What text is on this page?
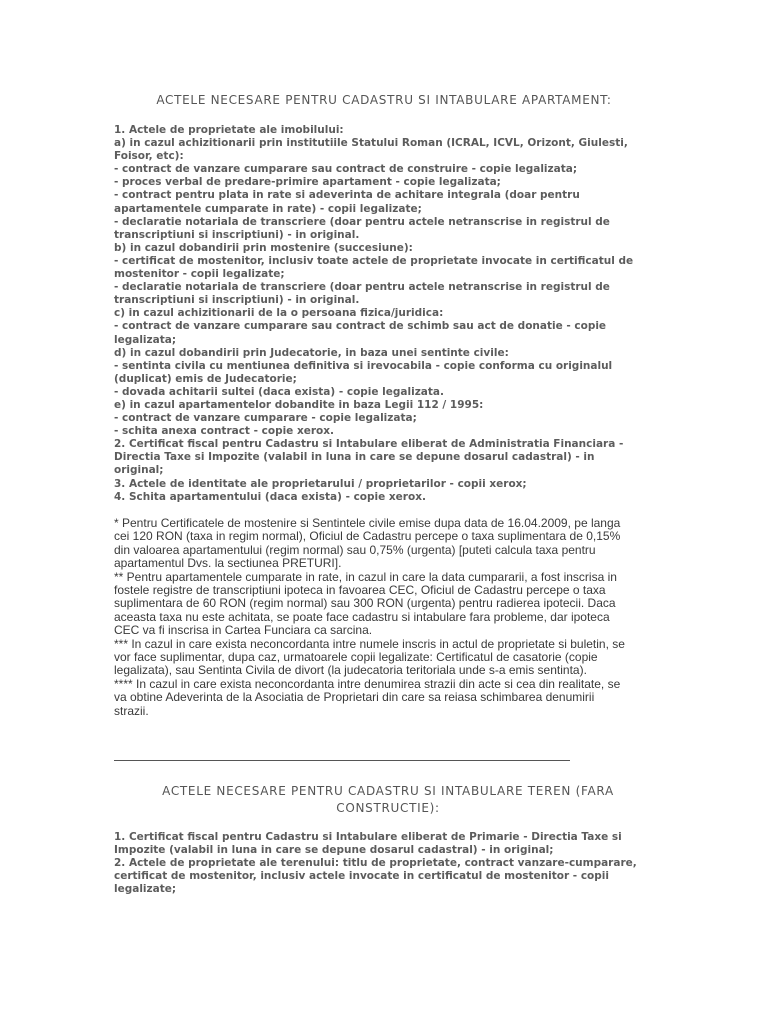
ACTELE NECESARE PENTRU CADASTRU SI INTABULARE APARTAMENT:
1. Actele de proprietate ale imobilului:
a) in cazul achizitionarii prin institutiile Statului Roman (ICRAL, ICVL, Orizont, Giulesti,
Foisor, etc):
- contract de vanzare cumparare sau contract de construire - copie legalizata;
- proces verbal de predare-primire apartament - copie legalizata;
- contract pentru plata in rate si adeverinta de achitare integrala (doar pentru
apartamentele cumparate in rate) - copii legalizate;
- declaratie notariala de transcriere (doar pentru actele netranscrise in registrul de
transcriptiuni si inscriptiuni) - in original.
b) in cazul dobandirii prin mostenire (succesiune):
- certificat de mostenitor, inclusiv toate actele de proprietate invocate in certificatul de
mostenitor - copii legalizate;
- declaratie notariala de transcriere (doar pentru actele netranscrise in registrul de
transcriptiuni si inscriptiuni) - in original.
c) in cazul achizitionarii de la o persoana fizica/juridica:
- contract de vanzare cumparare sau contract de schimb sau act de donatie - copie
legalizata;
d) in cazul dobandirii prin Judecatorie, in baza unei sentinte civile:
- sentinta civila cu mentiunea definitiva si irevocabila - copie conforma cu originalul
(duplicat) emis de Judecatorie;
- dovada achitarii sultei (daca exista) - copie legalizata.
e) in cazul apartamentelor dobandite in baza Legii 112 / 1995:
- contract de vanzare cumparare - copie legalizata;
- schita anexa contract - copie xerox.
2. Certificat fiscal pentru Cadastru si Intabulare eliberat de Administratia Financiara -
Directia Taxe si Impozite (valabil in luna in care se depune dosarul cadastral) - in
original;
3. Actele de identitate ale proprietarului / proprietarilor - copii xerox;
4. Schita apartamentului (daca exista) - copie xerox.
* Pentru Certificatele de mostenire si Sentintele civile emise dupa data de 16.04.2009, pe langa
cei 120 RON (taxa in regim normal), Oficiul de Cadastru percepe o taxa suplimentara de 0,15%
din valoarea apartamentului (regim normal) sau 0,75% (urgenta) [puteti calcula taxa pentru
apartamentul Dvs. la sectiunea PRETURI].
** Pentru apartamentele cumparate in rate, in cazul in care la data cumpararii, a fost inscrisa in
fostele registre de transcriptiuni ipoteca in favoarea CEC, Oficiul de Cadastru percepe o taxa
suplimentara de 60 RON (regim normal) sau 300 RON (urgenta) pentru radierea ipotecii. Daca
aceasta taxa nu este achitata, se poate face cadastru si intabulare fara probleme, dar ipoteca
CEC va fi inscrisa in Cartea Funciara ca sarcina.
*** In cazul in care exista neconcordanta intre numele inscris in actul de proprietate si buletin, se
vor face suplimentar, dupa caz, urmatoarele copii legalizate: Certificatul de casatorie (copie
legalizata), sau Sentinta Civila de divort (la judecatoria teritoriala unde s-a emis sentinta).
**** In cazul in care exista neconcordanta intre denumirea strazii din acte si cea din realitate, se
va obtine Adeverinta de la Asociatia de Proprietari din care sa reiasa schimbarea denumirii
strazii.
ACTELE NECESARE PENTRU CADASTRU SI INTABULARE TEREN (FARA
CONSTRUCTIE):
1. Certificat fiscal pentru Cadastru si Intabulare eliberat de Primarie - Directia Taxe si
Impozite (valabil in luna in care se depune dosarul cadastral) - in original;
2. Actele de proprietate ale terenului: titlu de proprietate, contract vanzare-cumparare,
certificat de mostenitor, inclusiv actele invocate in certificatul de mostenitor - copii
legalizate;
